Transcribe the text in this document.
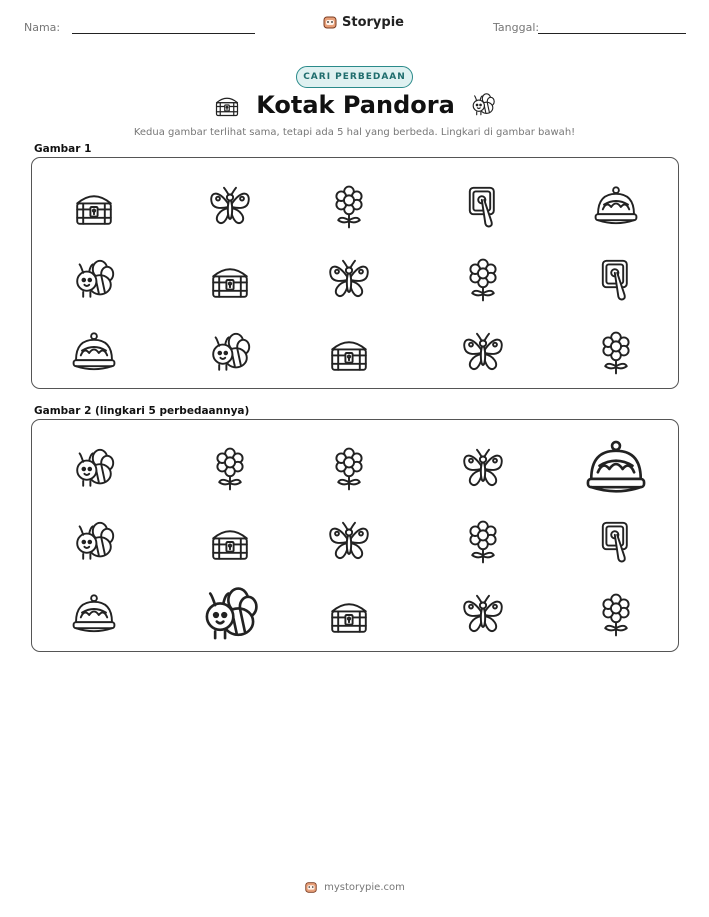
Nama:	Storypie	Tanggal:
CARI PERBEDAAN
Kotak Pandora
Kedua gambar terlihat sama, tetapi ada 5 hal yang berbeda. Lingkari di gambar bawah!
Gambar 1
Gambar 2 (lingkari 5 perbedaannya)
mystorypie.com
